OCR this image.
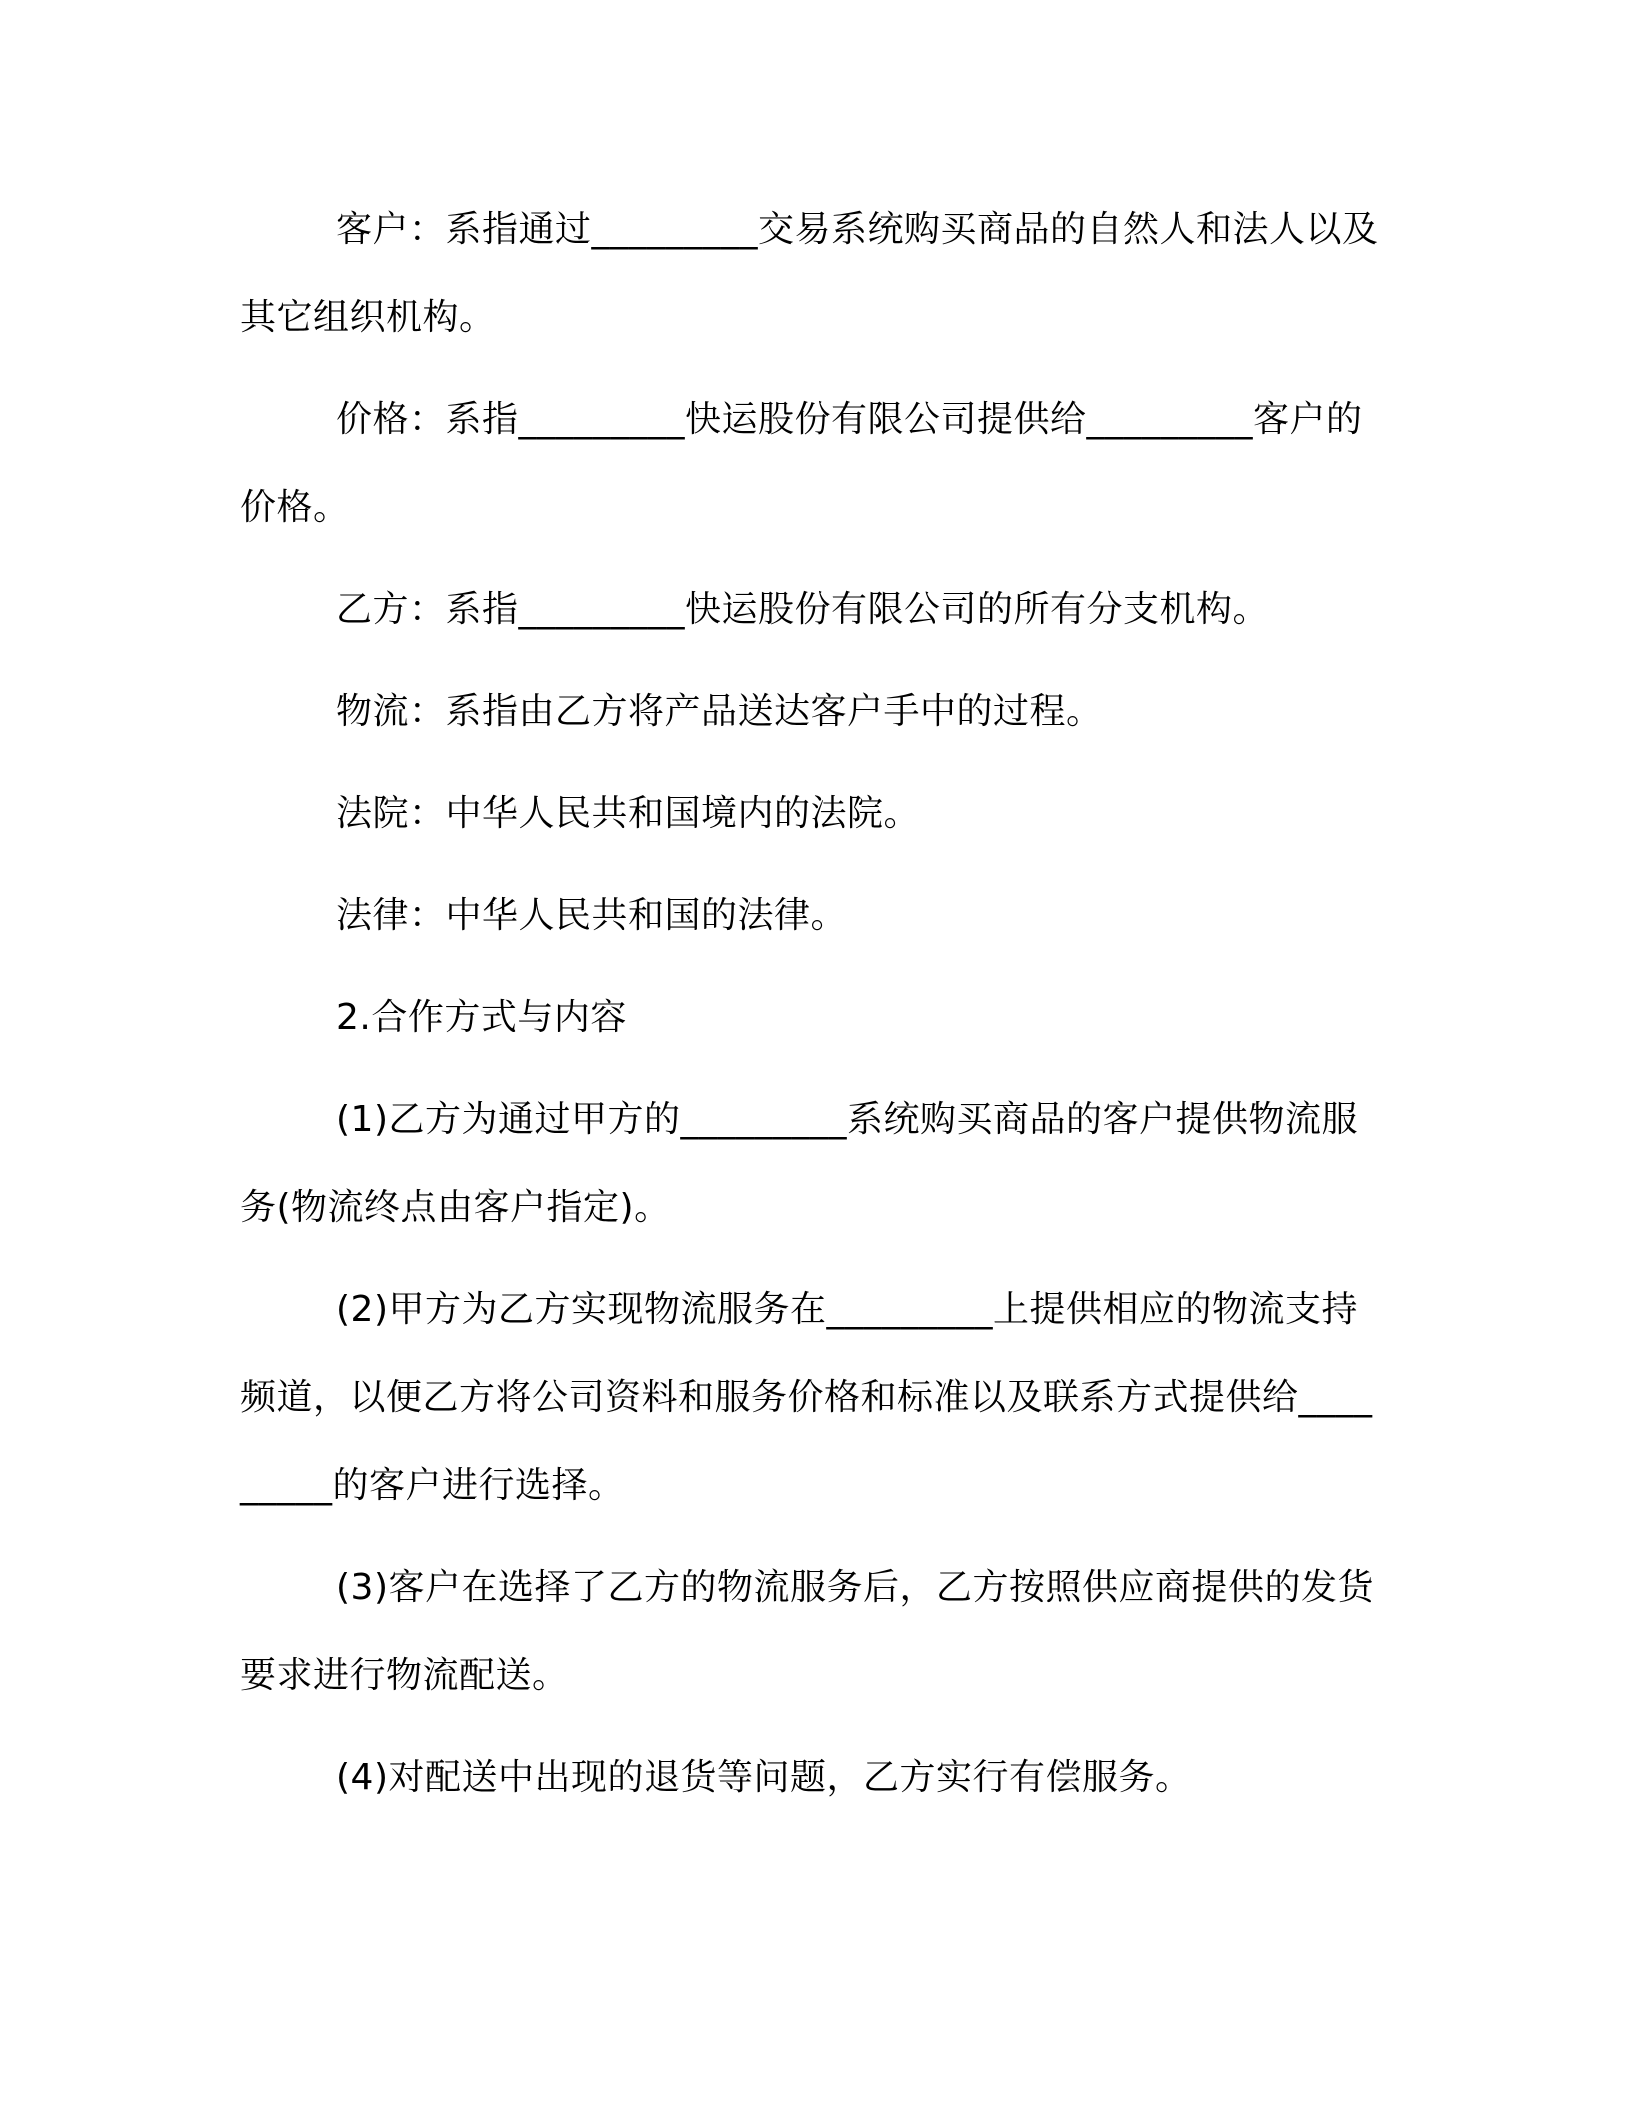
客户：系指通过_________交易系统购买商品的自然人和法人以及其它组织机构。

价格：系指_________快运股份有限公司提供给_________客户的价格。

乙方：系指_________快运股份有限公司的所有分支机构。

物流：系指由乙方将产品送达客户手中的过程。

法院：中华人民共和国境内的法院。

法律：中华人民共和国的法律。

2.合作方式与内容

(1)乙方为通过甲方的_________系统购买商品的客户提供物流服务(物流终点由客户指定)。

(2)甲方为乙方实现物流服务在_________上提供相应的物流支持频道，以便乙方将公司资料和服务价格和标准以及联系方式提供给_________的客户进行选择。

(3)客户在选择了乙方的物流服务后，乙方按照供应商提供的发货要求进行物流配送。

(4)对配送中出现的退货等问题，乙方实行有偿服务。
